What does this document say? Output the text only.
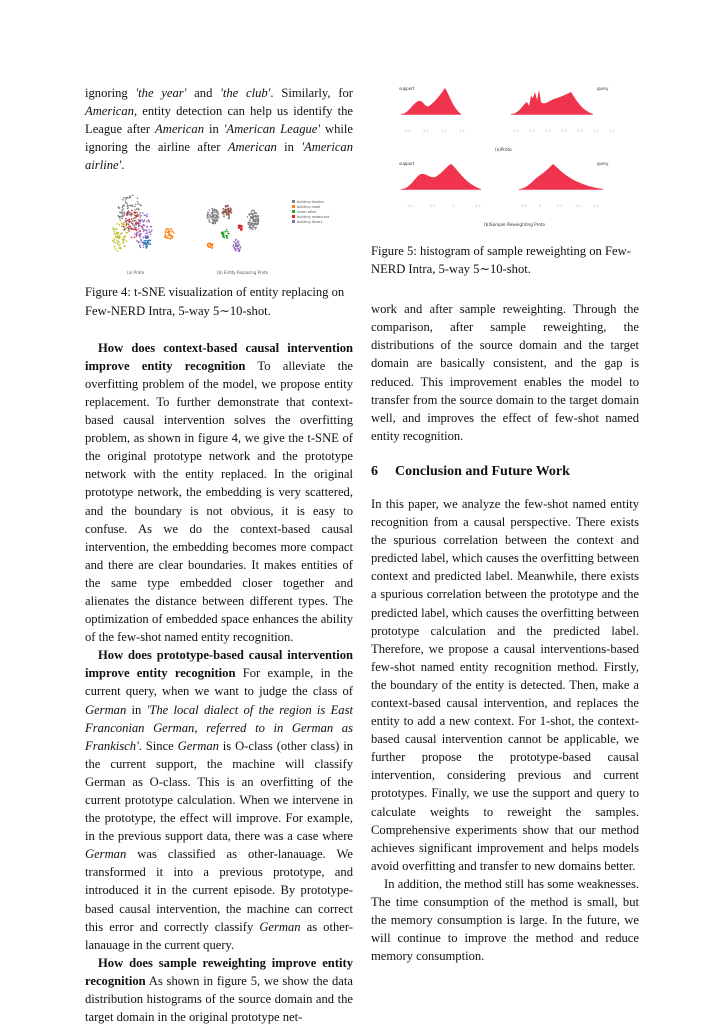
ignoring 'the year' and 'the club'. Similarly, for American, entity detection can help us identify the League after American in 'American League' while ignoring the airline after American in 'American airline'.

building theater
building hotel
event other
building restaurant
building library
(a) Proto	(b) Entity Replacing Proto

Figure 4: t-SNE visualization of entity replacing on Few-NERD Intra, 5-way 5∼10-shot.

How does context-based causal intervention improve entity recognition To alleviate the overfitting problem of the model, we propose entity replacement. To further demonstrate that context-based causal intervention solves the overfitting problem, as shown in figure 4, we give the t-SNE of the original prototype network and the prototype network with the entity replaced. In the original prototype network, the embedding is very scattered, and the boundary is not obvious, it is easy to confuse. As we do the context-based causal intervention, the embedding becomes more compact and there are clear boundaries. It makes entities of the same type embedded closer together and alienates the distance between different types. The optimization of embedded space enhances the ability of the few-shot named entity recognition.

How does prototype-based causal intervention improve entity recognition For example, in the current query, when we want to judge the class of German in 'The local dialect of the region is East Franconian German, referred to in German as Frankisch'. Since German is O-class (other class) in the current support, the machine will classify German as O-class. This is an overfitting of the current prototype calculation. When we intervene in the prototype, the effect will improve. For example, in the previous support data, there was a case where German was classified as other-lanauage. We transformed it into a previous prototype, and introduced it in the current episode. By prototype-based causal intervention, the machine can correct this error and correctly classify German as other-lanauage in the current query.

How does sample reweighting improve entity recognition As shown in figure 5, we show the data distribution histograms of the source domain and the target domain in the original prototype net-

support	query
0.0	0.5	1.0	1.5	0.0	0.2	0.4	0.6	0.8	1.0	1.2
(a)Proto
support	query
1.0	0.5	0	0.5	0.5	0	0.5	1.0	1.5
(b)Sample Reweighting Proto

Figure 5: histogram of sample reweighting on Few-NERD Intra, 5-way 5∼10-shot.

work and after sample reweighting. Through the comparison, after sample reweighting, the distributions of the source domain and the target domain are basically consistent, and the gap is reduced. This improvement enables the model to transfer from the source domain to the target domain well, and improves the effect of few-shot named entity recognition.

6 Conclusion and Future Work

In this paper, we analyze the few-shot named entity recognition from a causal perspective. There exists the spurious correlation between the context and predicted label, which causes the overfitting between context and predicted label. Meanwhile, there exists a spurious correlation between the prototype and the predicted label, which causes the overfitting between prototype calculation and the predicted label. Therefore, we propose a causal interventions-based few-shot named entity recognition method. Firstly, the boundary of the entity is detected. Then, make a context-based causal intervention, and replaces the entity to add a new context. For 1-shot, the context-based causal intervention cannot be applicable, we further propose the prototype-based causal intervention, considering previous and current prototypes. Finally, we use the support and query to calculate weights to reweight the samples. Comprehensive experiments show that our method achieves significant improvement and helps models avoid overfitting and transfer to new domains better.

In addition, the method still has some weaknesses. The time consumption of the method is small, but the memory consumption is large. In the future, we will continue to improve the method and reduce memory consumption.
